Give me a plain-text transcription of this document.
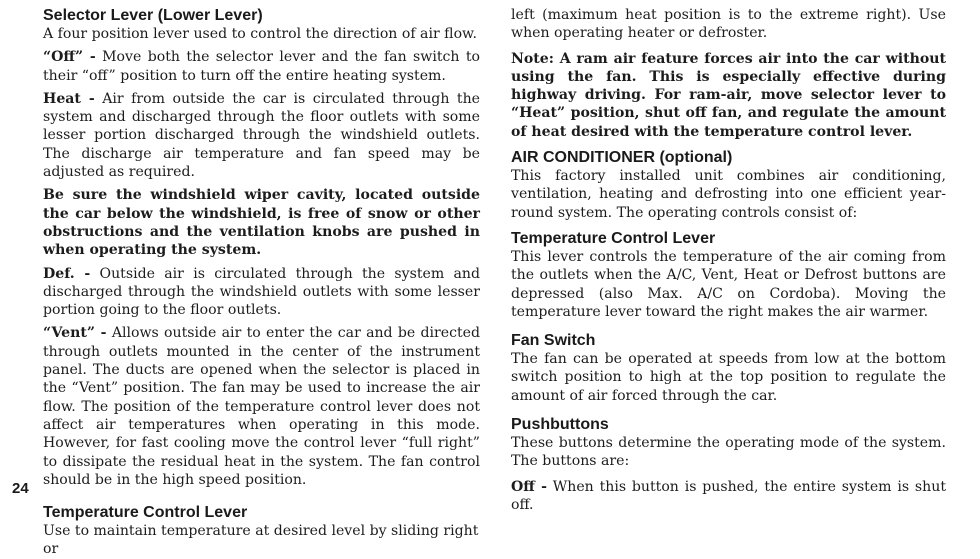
Selector Lever (Lower Lever)

A four position lever used to control the direction of air flow.

“Off” - Move both the selector lever and the fan switch to their “off” position to turn off the entire heating system.

Heat - Air from outside the car is circulated through the system and discharged through the floor outlets with some lesser portion discharged through the windshield outlets. The discharge air temperature and fan speed may be adjusted as required.

Be sure the windshield wiper cavity, located outside the car below the windshield, is free of snow or other obstructions and the ventilation knobs are pushed in when operating the system.

Def. - Outside air is circulated through the system and discharged through the windshield outlets with some lesser portion going to the floor outlets.

“Vent” - Allows outside air to enter the car and be directed through outlets mounted in the center of the instrument panel. The ducts are opened when the selector is placed in the “Vent” position. The fan may be used to increase the air flow. The position of the temperature control lever does not affect air temperatures when operating in this mode. However, for fast cooling move the control lever “full right” to dissipate the residual heat in the system. The fan control should be in the high speed position.

Temperature Control Lever

Use to maintain temperature at desired level by sliding right or

left (maximum heat position is to the extreme right). Use when operating heater or defroster.

Note: A ram air feature forces air into the car without using the fan. This is especially effective during highway driving. For ram-air, move selector lever to “Heat” position, shut off fan, and regulate the amount of heat desired with the temperature control lever.

AIR CONDITIONER (optional)

This factory installed unit combines air conditioning, ventilation, heating and defrosting into one efficient year-round system. The operating controls consist of:

Temperature Control Lever

This lever controls the temperature of the air coming from the outlets when the A/C, Vent, Heat or Defrost buttons are depressed (also Max. A/C on Cordoba). Moving the temperature lever toward the right makes the air warmer.

Fan Switch

The fan can be operated at speeds from low at the bottom switch position to high at the top position to regulate the amount of air forced through the car.

Pushbuttons

These buttons determine the operating mode of the system. The buttons are:

Off - When this button is pushed, the entire system is shut off.

24
